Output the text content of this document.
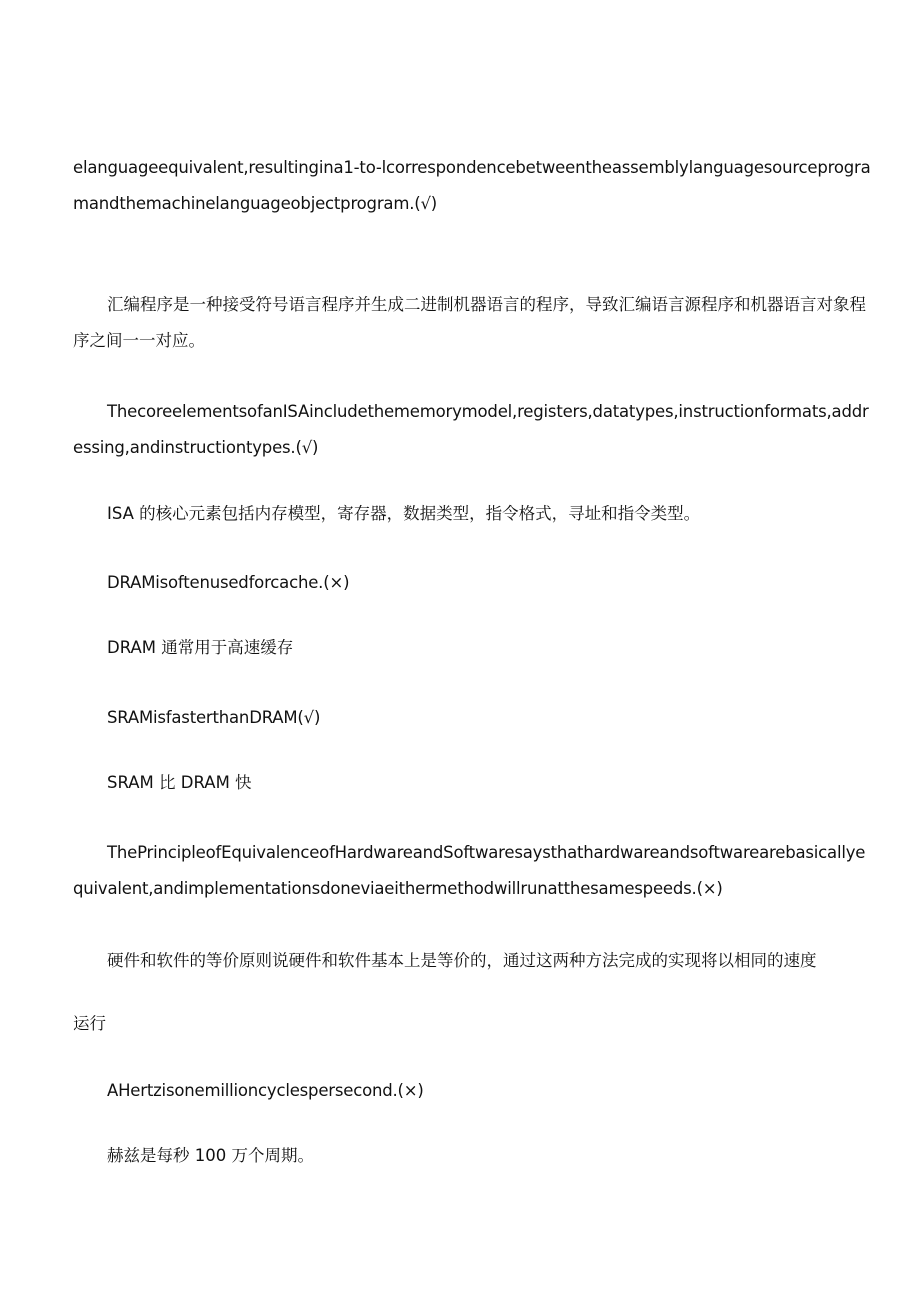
elanguageequivalent,resultingina1-to-lcorrespondencebetweentheassemblylanguagesourceprogramandthemachinelanguageobjectprogram.(√)

汇编程序是一种接受符号语言程序并生成二进制机器语言的程序，导致汇编语言源程序和机器语言对象程序之间一一对应。

ThecoreelementsofanISAincludethememorymodel,registers,datatypes,instructionformats,addressing,andinstructiontypes.(√)

ISA 的核心元素包括内存模型，寄存器，数据类型，指令格式，寻址和指令类型。

DRAMisoftenusedforcache.(×)

DRAM 通常用于高速缓存

SRAMisfasterthanDRAM(√)

SRAM 比 DRAM 快

ThePrincipleofEquivalenceofHardwareandSoftwaresaysthathardwareandsoftwarearebasicallyequivalent,andimplementationsdoneviaeithermethodwillrunatthesamespeeds.(×)

硬件和软件的等价原则说硬件和软件基本上是等价的，通过这两种方法完成的实现将以相同的速度

运行

AHertzisonemillioncyclespersecond.(×)

赫兹是每秒 100 万个周期。
